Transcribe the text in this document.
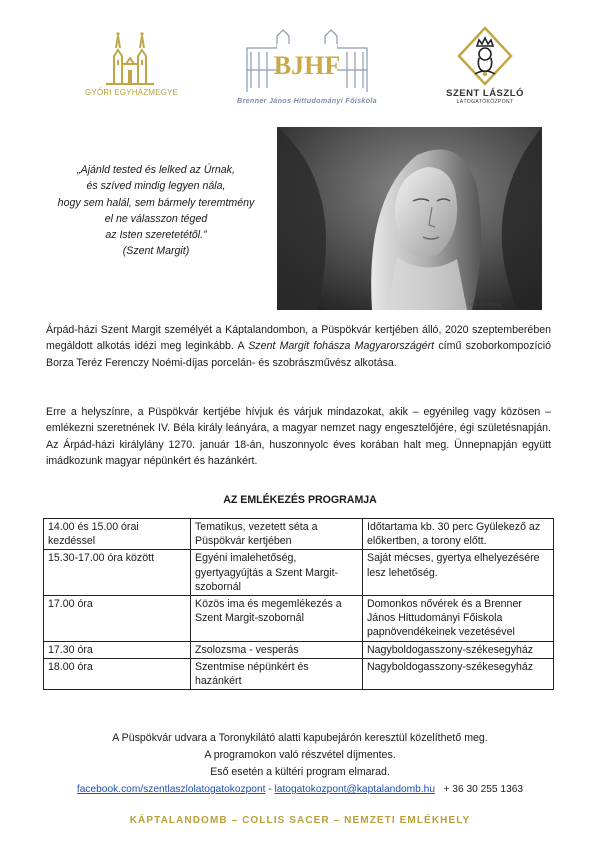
GYŐRI EGYHÁZMEGYE
BJHF
Brenner János Hittudományi Főiskola
SZENT LÁSZLÓ
LÁTOGATÓKÖZPONT
„Ajánld tested és lelked az Úrnak,
és szíved mindig legyen nála,
hogy sem halál, sem bármely teremtmény
el ne válasszon téged
az Isten szeretetétől.”
(Szent Margit)
Fotó: Ács Tamás
Árpád-házi Szent Margit személyét a Káptalandombon, a Püspökvár kertjében álló, 2020 szeptemberében megáldott alkotás idézi meg leginkább. A Szent Margit fohásza Magyarországért című szoborkompozíció Borza Teréz Ferenczy Noémi-díjas porcelán- és szobrászművész alkotása.
Erre a helyszínre, a Püspökvár kertjébe hívjuk és várjuk mindazokat, akik – egyénileg vagy közösen – emlékezni szeretnének IV. Béla király leányára, a magyar nemzet nagy engesztelőjére, égi születésnapján. Az Árpád-házi királylány 1270. január 18-án, huszonnyolc éves korában halt meg. Ünnepnapján együtt imádkozunk magyar népünkért és hazánkért.
AZ EMLÉKEZÉS PROGRAMJA
14.00 és 15.00 órai kezdéssel	Tematikus, vezetett séta a Püspökvár kertjében	Időtartama kb. 30 perc Gyülekező az előkertben, a torony előtt.
15.30-17.00 óra között	Egyéni imalehetőség, gyertyagyújtás a Szent Margit-szobornál	Saját mécses, gyertya elhelyezésére lesz lehetőség.
17.00 óra	Közös ima és megemlékezés a Szent Margit-szobornál	Domonkos nővérek és a Brenner János Hittudományi Főiskola papnövendékeinek vezetésével
17.30 óra	Zsolozsma - vesperás	Nagyboldogasszony-székesegyház
18.00 óra	Szentmise népünkért és hazánkért	Nagyboldogasszony-székesegyház
A Püspökvár udvara a Toronykilátó alatti kapubejárón keresztül közelíthető meg.
A programokon való részvétel díjmentes.
Eső esetén a kültéri program elmarad.
facebook.com/szentlaszlolatogatokozpont - latogatokozpont@kaptalandomb.hu + 36 30 255 1363
KÁPTALANDOMB – COLLIS SACER – NEMZETI EMLÉKHELY
